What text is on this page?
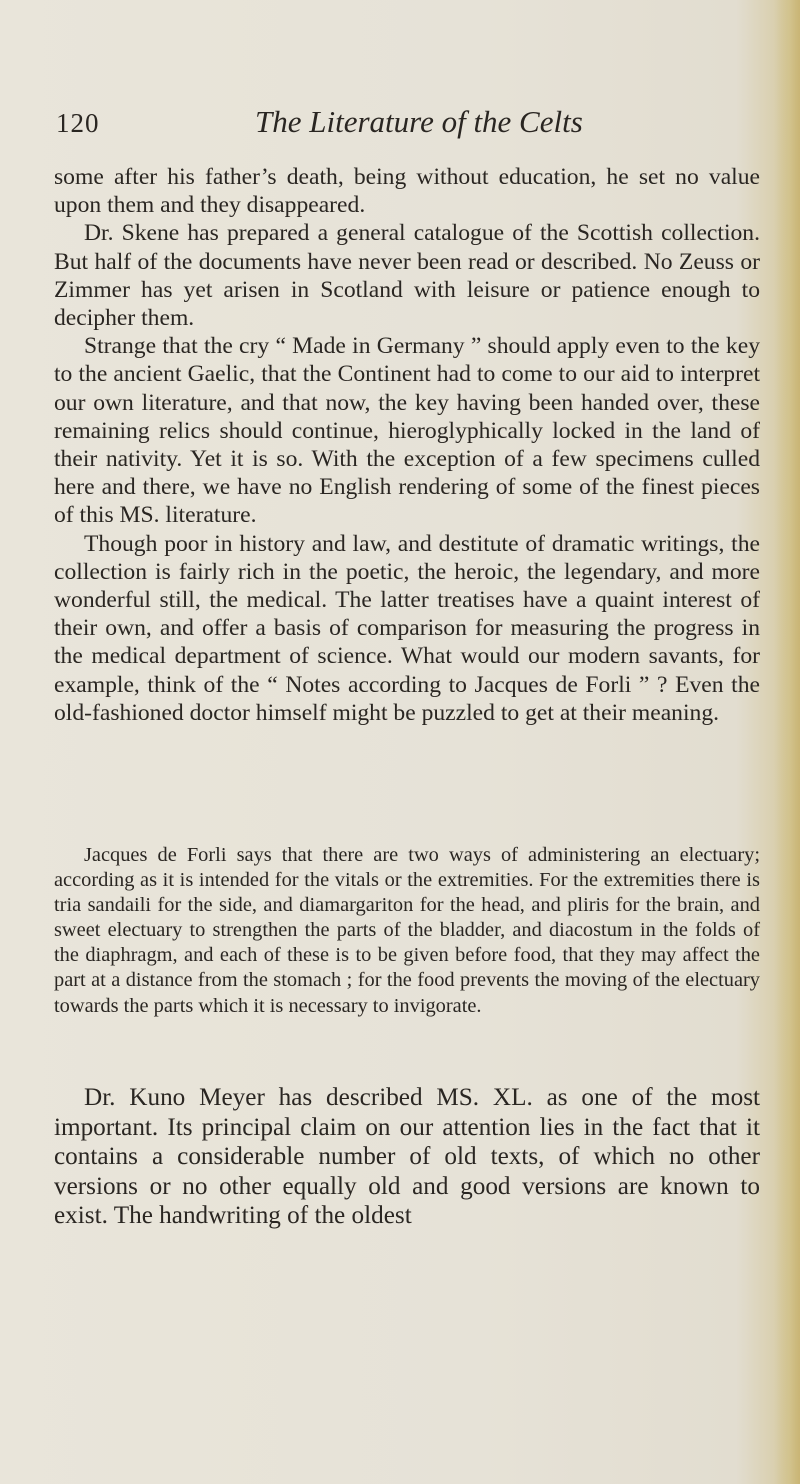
120	The Literature of the Celts

some after his father’s death, being without education, he set no value upon them and they disappeared.

Dr. Skene has prepared a general catalogue of the Scottish collection. But half of the documents have never been read or described. No Zeuss or Zimmer has yet arisen in Scotland with leisure or patience enough to decipher them.

Strange that the cry “ Made in Germany ” should apply even to the key to the ancient Gaelic, that the Continent had to come to our aid to interpret our own literature, and that now, the key having been handed over, these remaining relics should continue, hieroglyphically locked in the land of their nativity. Yet it is so. With the exception of a few specimens culled here and there, we have no English rendering of some of the finest pieces of this MS. literature.

Though poor in history and law, and destitute of dramatic writings, the collection is fairly rich in the poetic, the heroic, the legendary, and more wonderful still, the medical. The latter treatises have a quaint interest of their own, and offer a basis of comparison for measuring the progress in the medical department of science. What would our modern savants, for example, think of the “ Notes according to Jacques de Forli ” ? Even the old-fashioned doctor himself might be puzzled to get at their meaning.

Jacques de Forli says that there are two ways of administering an electuary; according as it is intended for the vitals or the extremities. For the extremities there is tria sandaili for the side, and diamargariton for the head, and pliris for the brain, and sweet electuary to strengthen the parts of the bladder, and diacostum in the folds of the diaphragm, and each of these is to be given before food, that they may affect the part at a distance from the stomach ; for the food prevents the moving of the electuary towards the parts which it is necessary to invigorate.

Dr. Kuno Meyer has described MS. XL. as one of the most important. Its principal claim on our attention lies in the fact that it contains a considerable number of old texts, of which no other versions or no other equally old and good versions are known to exist. The handwriting of the oldest
